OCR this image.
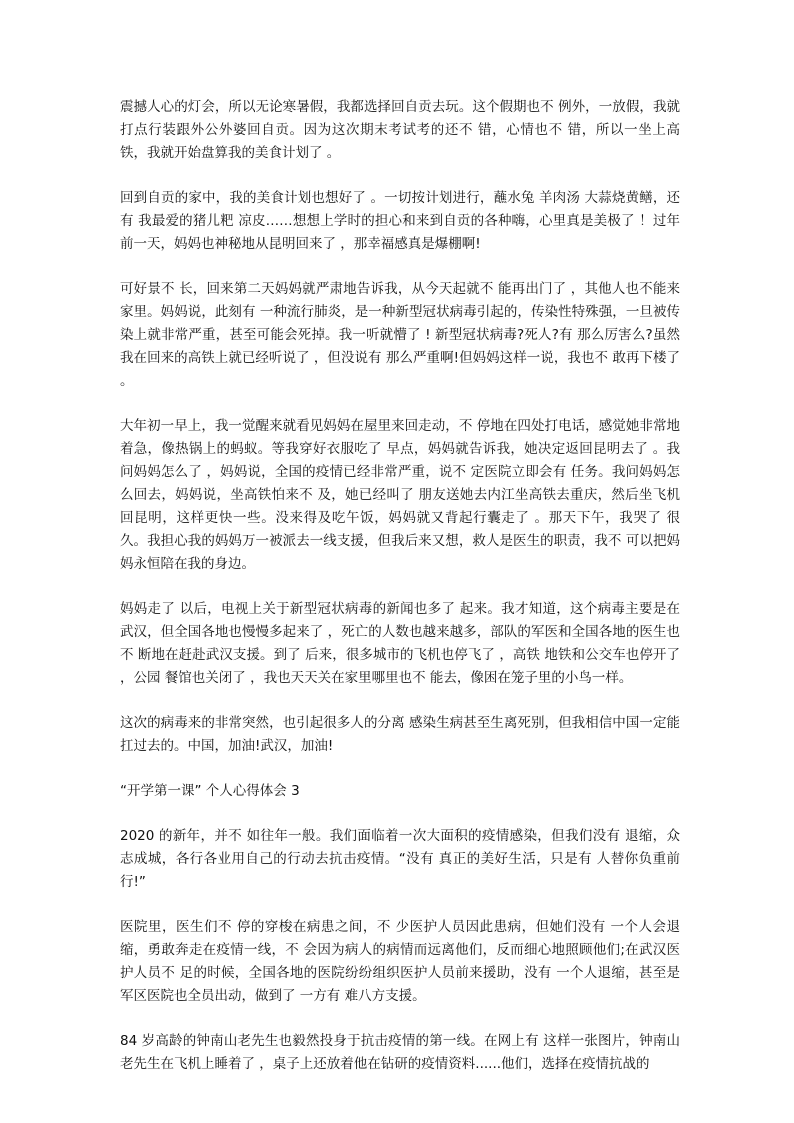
震撼人心的灯会，所以无论寒暑假，我都选择回自贡去玩。这个假期也不 例外，一放假，我就打点行装跟外公外婆回自贡。因为这次期末考试考的还不 错，心情也不 错，所以一坐上高铁，我就开始盘算我的美食计划了 。

回到自贡的家中，我的美食计划也想好了 。一切按计划进行，蘸水兔 羊肉汤 大蒜烧黄鳝，还有 我最爱的猪儿粑 凉皮……想想上学时的担心和来到自贡的各种嗨，心里真是美极了 ！过年前一天，妈妈也神秘地从昆明回来了 ，那幸福感真是爆棚啊!

可好景不 长，回来第二天妈妈就严肃地告诉我，从今天起就不 能再出门了 ，其他人也不能来家里。妈妈说，此刻有 一种流行肺炎，是一种新型冠状病毒引起的，传染性特殊强，一旦被传染上就非常严重，甚至可能会死掉。我一听就懵了 ! 新型冠状病毒?死人?有 那么厉害么?虽然我在回来的高铁上就已经听说了 ，但没说有 那么严重啊!但妈妈这样一说，我也不 敢再下楼了 。

大年初一早上，我一觉醒来就看见妈妈在屋里来回走动，不 停地在四处打电话，感觉她非常地着急，像热锅上的蚂蚁。等我穿好衣服吃了 早点，妈妈就告诉我，她决定返回昆明去了 。我问妈妈怎么了 ，妈妈说，全国的疫情已经非常严重，说不 定医院立即会有 任务。我问妈妈怎么回去，妈妈说，坐高铁怕来不 及，她已经叫了 朋友送她去内江坐高铁去重庆，然后坐飞机回昆明，这样更快一些。没来得及吃午饭，妈妈就又背起行囊走了 。那天下午，我哭了 很久。我担心我的妈妈万一被派去一线支援，但我后来又想，救人是医生的职责，我不 可以把妈妈永恒陪在我的身边。

妈妈走了 以后，电视上关于新型冠状病毒的新闻也多了 起来。我才知道，这个病毒主要是在武汉，但全国各地也慢慢多起来了 ，死亡的人数也越来越多，部队的军医和全国各地的医生也不 断地在赶赴武汉支援。到了 后来，很多城市的飞机也停飞了 ，高铁 地铁和公交车也停开了 ，公园 餐馆也关闭了 ，我也天天关在家里哪里也不 能去，像困在笼子里的小鸟一样。

这次的病毒来的非常突然，也引起很多人的分离 感染生病甚至生离死别，但我相信中国一定能扛过去的。中国，加油!武汉，加油!

“开学第一课” 个人心得体会 3

2020 的新年，并不 如往年一般。我们面临着一次大面积的疫情感染，但我们没有 退缩，众志成城，各行各业用自己的行动去抗击疫情。“没有 真正的美好生活，只是有 人替你负重前行!”

医院里，医生们不 停的穿梭在病患之间，不 少医护人员因此患病，但她们没有 一个人会退缩，勇敢奔走在疫情一线，不 会因为病人的病情而远离他们，反而细心地照顾他们;在武汉医护人员不 足的时候，全国各地的医院纷纷组织医护人员前来援助，没有 一个人退缩，甚至是军区医院也全员出动，做到了 一方有 难八方支援。

84 岁高龄的钟南山老先生也毅然投身于抗击疫情的第一线。在网上有 这样一张图片，钟南山老先生在飞机上睡着了 ，桌子上还放着他在钻研的疫情资料......他们，选择在疫情抗战的
